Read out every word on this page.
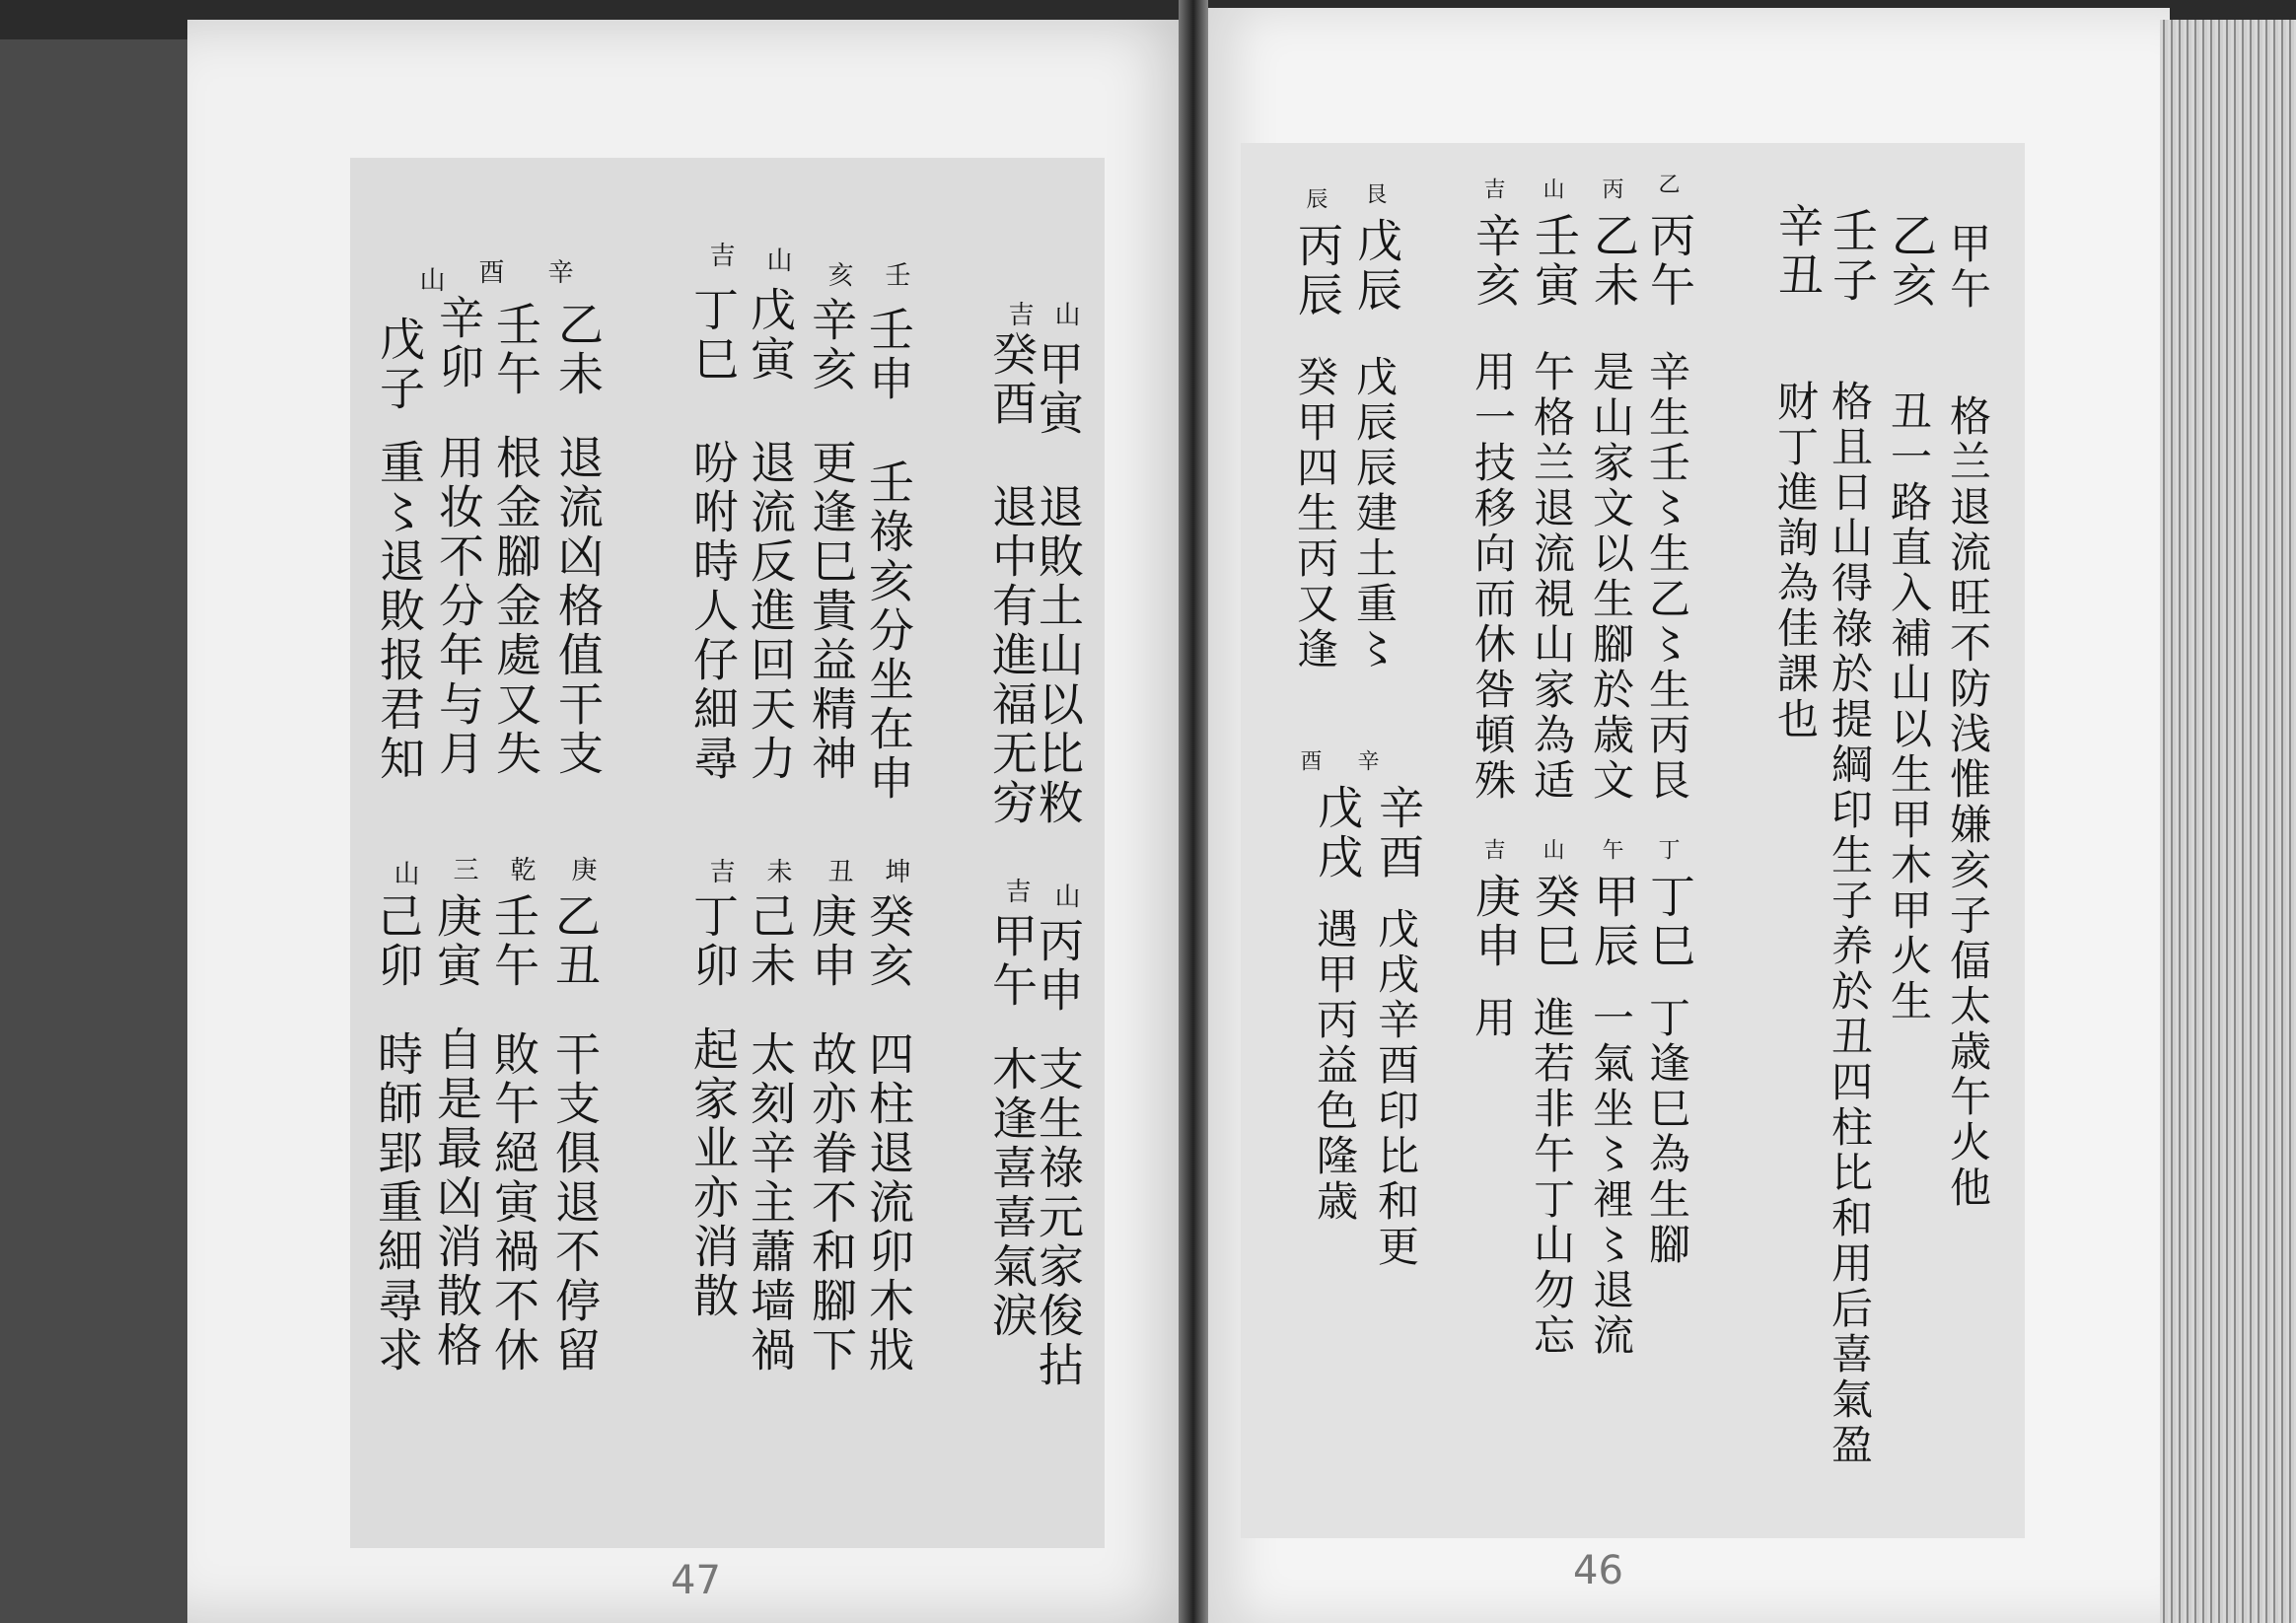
山
甲寅
退敗土山以比敉
吉
癸酉
退中有進福无穷
壬
壬申
壬祿亥分坐在申
亥
辛亥
更逢巳貴益精神
山
戊寅
退流反進回天力
吉
丁巳
吩咐時人仔細尋
辛
乙未
退流凶格值干支
酉
壬午
根金腳金處又失
山
辛卯
用妆不分年与月
戊子
重〻退敗报君知
山
丙申
支生祿元家俊拈
吉
甲午
木逢喜喜氣淚
坤
癸亥
四柱退流卯木戕
丑
庚申
故亦眷不和腳下
未
己未
太刻辛主蕭墙禍
吉
丁卯
起家业亦消散
庚
乙丑
干支俱退不停留
乾
壬午
敗午絕寅禍不休
三
庚寅
自是最凶消散格
山
己卯
時師郢重細尋求
47
甲午
格兰退流旺不防浅惟嫌亥子偪太歳午火他
乙亥
丑一路直入補山以生甲木甲火生
壬子
格且日山得祿於提綱印生子养於丑四柱比和用后喜氣盈
辛丑
财丁進詢為佳課也
乙
丙午
辛生壬〻生乙〻生丙艮
丙
乙未
是山家文以生腳於歳文
山
壬寅
午格兰退流視山家為适
吉
辛亥
用一技移向而休咎頓殊
艮
戊辰
戊辰辰建土重〻
辰
丙辰
癸甲四生丙又逢
丁
丁巳
丁逢巳為生腳
午
甲辰
一氣坐〻裡〻退流
山
癸巳
進若非午丁山勿忘
吉
庚申
用
辛
辛酉
戊戌辛酉印比和更
酉
戊戌
遇甲丙益色隆歳
46
